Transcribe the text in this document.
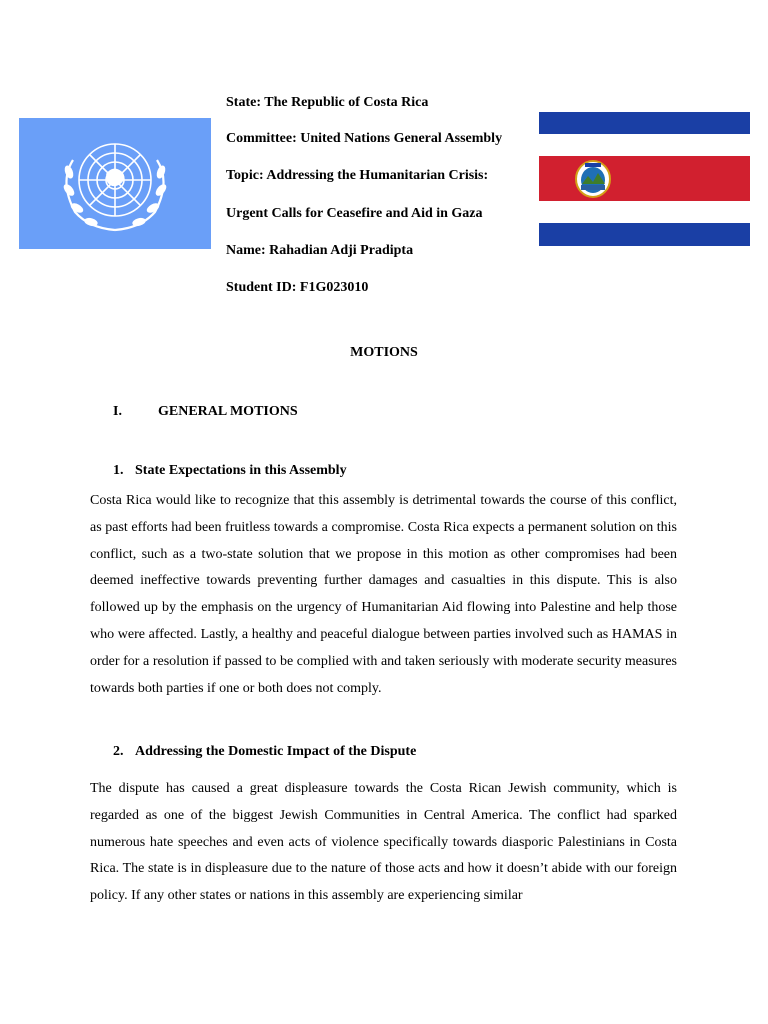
State: The Republic of Costa Rica
Committee: United Nations General Assembly
Topic: Addressing the Humanitarian Crisis:
Urgent Calls for Ceasefire and Aid in Gaza
Name: Rahadian Adji Pradipta
Student ID: F1G023010
MOTIONS
I.	GENERAL MOTIONS
1. State Expectations in this Assembly
Costa Rica would like to recognize that this assembly is detrimental towards the course of this conflict, as past efforts had been fruitless towards a compromise. Costa Rica expects a permanent solution on this conflict, such as a two-state solution that we propose in this motion as other compromises had been deemed ineffective towards preventing further damages and casualties in this dispute. This is also followed up by the emphasis on the urgency of Humanitarian Aid flowing into Palestine and help those who were affected. Lastly, a healthy and peaceful dialogue between parties involved such as HAMAS in order for a resolution if passed to be complied with and taken seriously with moderate security measures towards both parties if one or both does not comply.
2. Addressing the Domestic Impact of the Dispute
The dispute has caused a great displeasure towards the Costa Rican Jewish community, which is regarded as one of the biggest Jewish Communities in Central America. The conflict had sparked numerous hate speeches and even acts of violence specifically towards diasporic Palestinians in Costa Rica. The state is in displeasure due to the nature of those acts and how it doesn’t abide with our foreign policy. If any other states or nations in this assembly are experiencing similar
